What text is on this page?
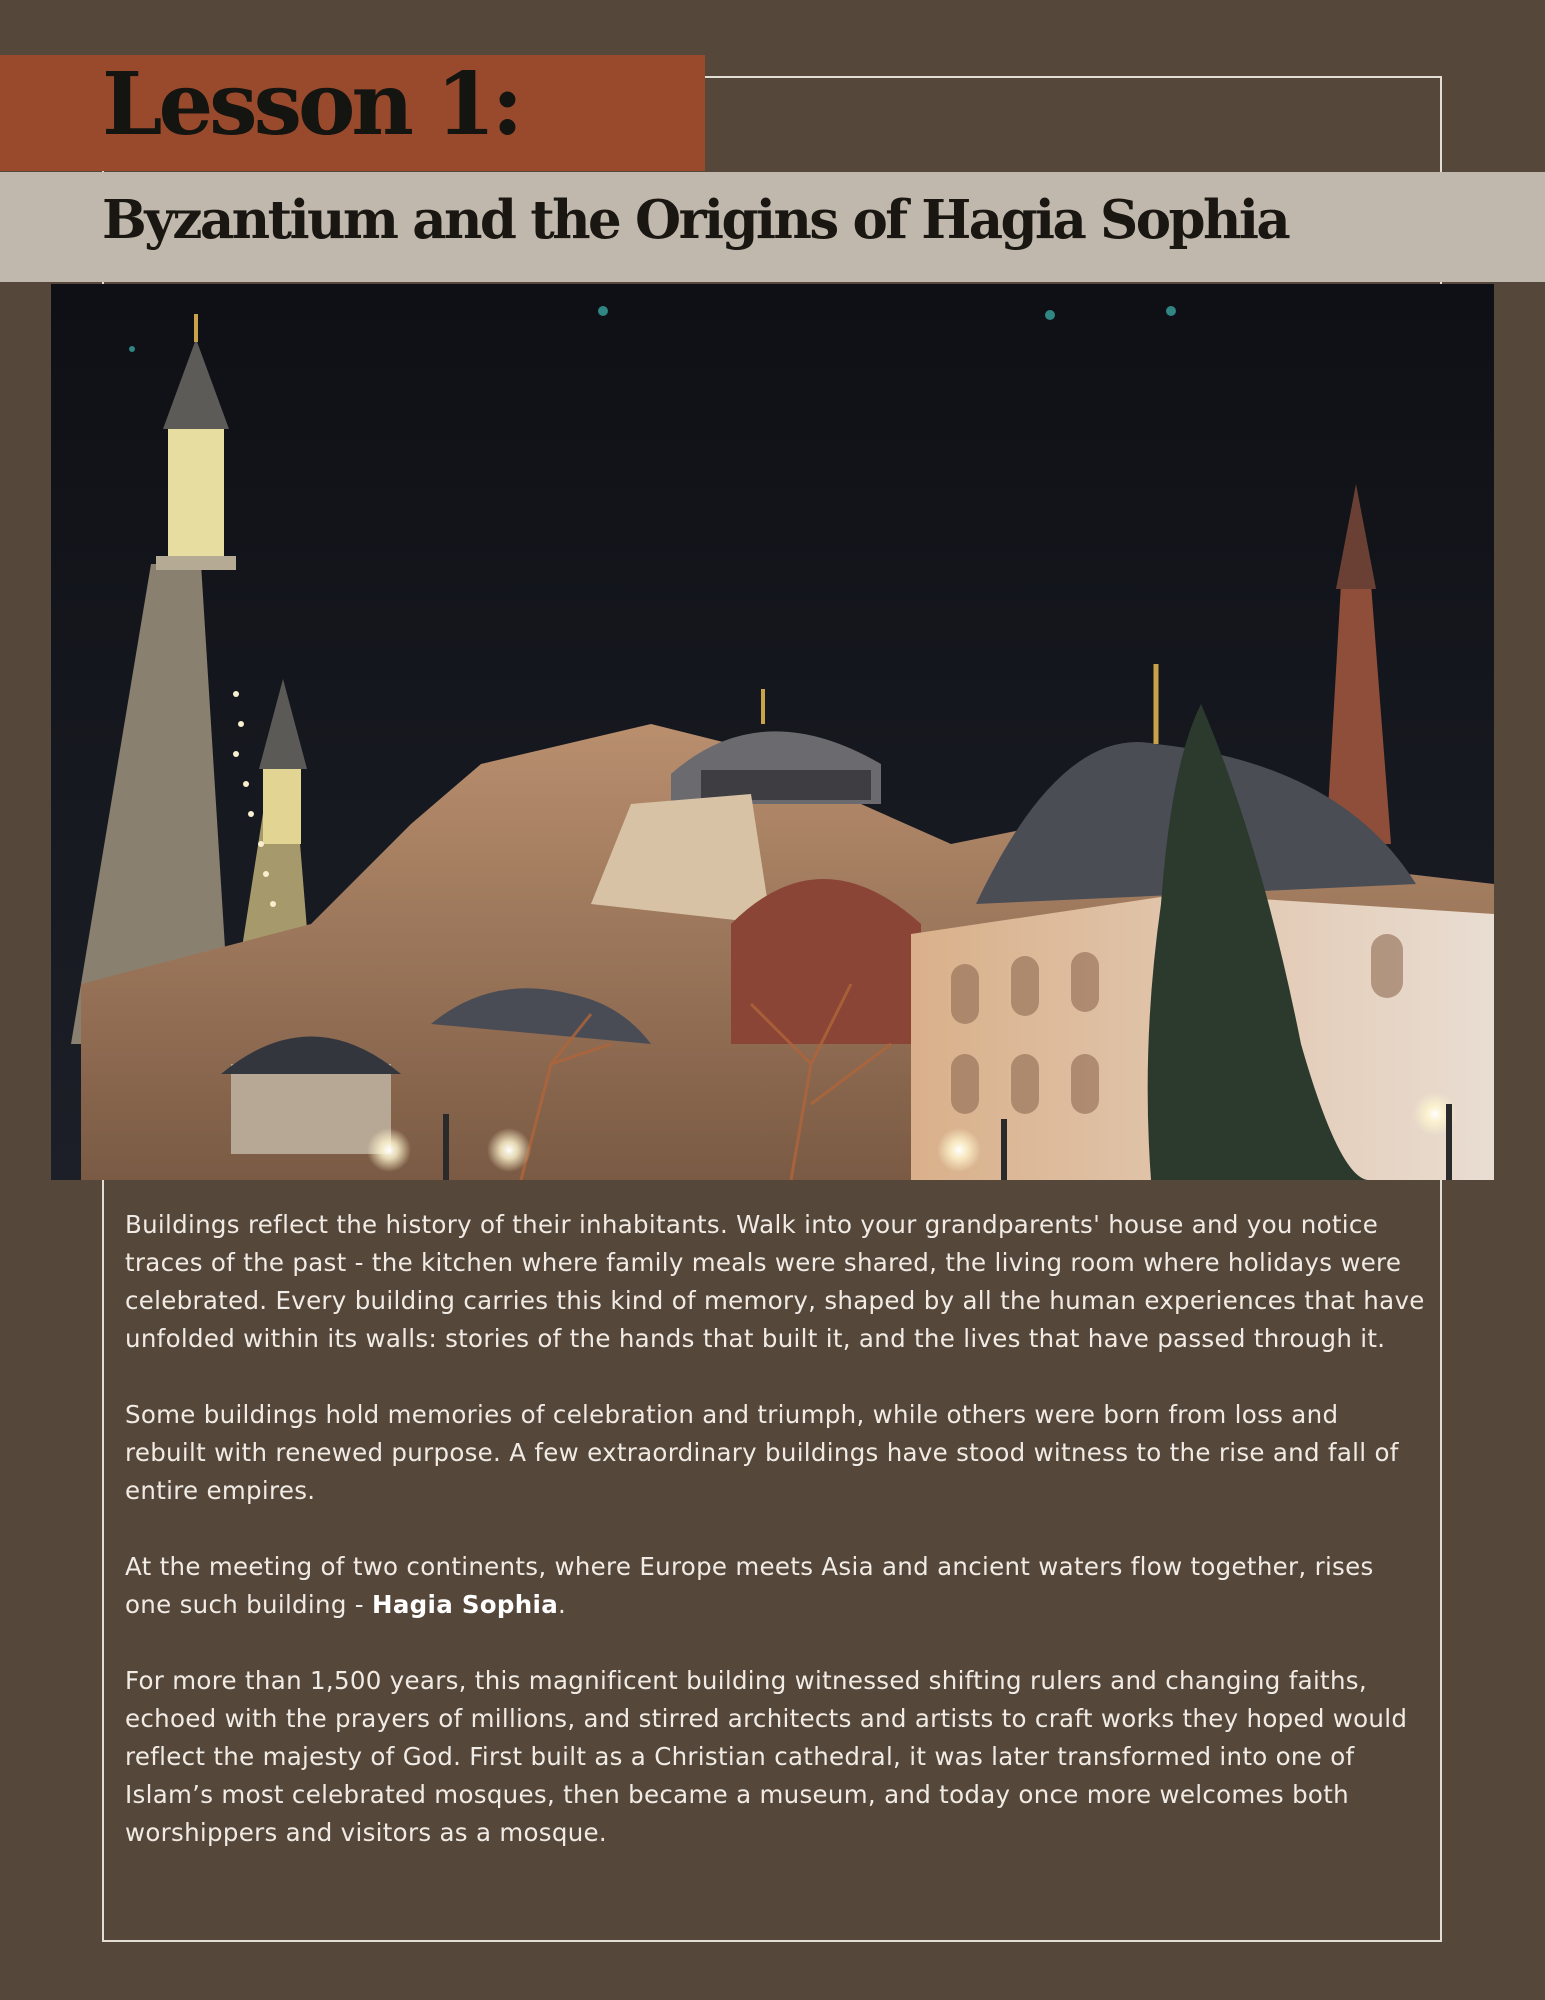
Lesson 1:
Byzantium and the Origins of Hagia Sophia

Buildings reflect the history of their inhabitants. Walk into your grandparents' house and you notice traces of the past - the kitchen where family meals were shared, the living room where holidays were celebrated. Every building carries this kind of memory, shaped by all the human experiences that have unfolded within its walls: stories of the hands that built it, and the lives that have passed through it.

Some buildings hold memories of celebration and triumph, while others were born from loss and rebuilt with renewed purpose. A few extraordinary buildings have stood witness to the rise and fall of entire empires.

At the meeting of two continents, where Europe meets Asia and ancient waters flow together, rises one such building - Hagia Sophia.

For more than 1,500 years, this magnificent building witnessed shifting rulers and changing faiths, echoed with the prayers of millions, and stirred architects and artists to craft works they hoped would reflect the majesty of God. First built as a Christian cathedral, it was later transformed into one of Islam’s most celebrated mosques, then became a museum, and today once more welcomes both worshippers and visitors as a mosque.
